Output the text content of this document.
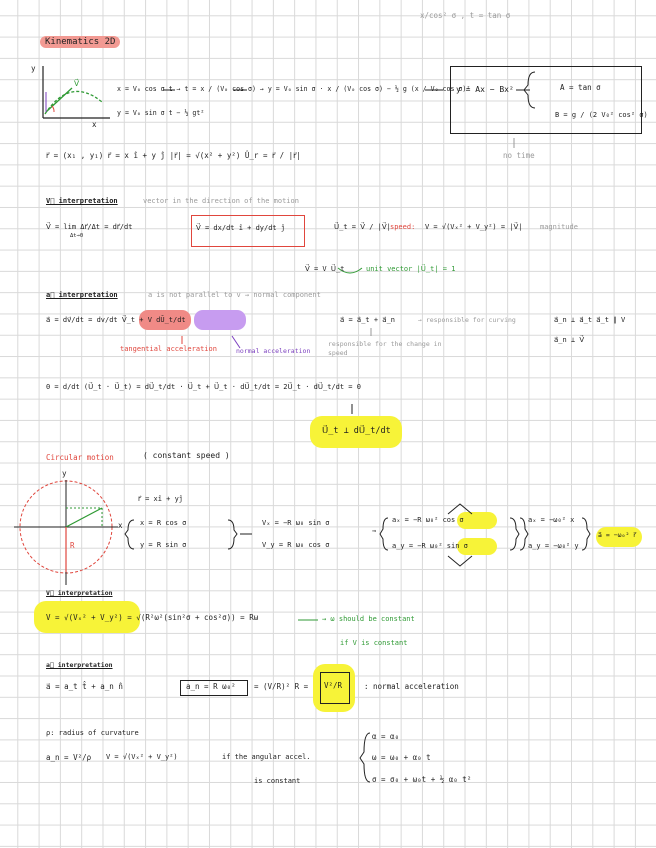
x/cos² σ , t = tan σ
Kinematics 2D
y
x
V⃗
x = V₀ cos σ t → t = x / (V₀ cos σ) → y = V₀ sin σ · x / (V₀ cos σ) − ½ g (x / V₀ cos σ)²
y = V₀ sin σ t − ½ gt²
y = Ax − Bx²	A = tan σ
B = g / (2 V₀² cos² σ)
no time
r⃗ = (x₁ , y₁) r⃗ = x î + y ĵ |r⃗| = √(x² + y²) Û_r = r⃗ / |r⃗|
V⃗ interpretation	vector in the direction of the motion
V⃗ = lim Δr⃗/Δt = dr⃗/dt
Δt→0
V⃗ = dx/dt î + dy/dt ĵ	U⃗_t = V⃗ / |V⃗| speed: V = √(Vₓ² + V_y²) = |V⃗| magnitude
V⃗ = V U⃗_t	unit vector |U⃗_t| = 1
a⃗ interpretation	a is not parallel to v → normal component
a⃗ = dv⃗/dt = dv/dt V⃗_t + V dŨ_t/dt
tangential acceleration	normal acceleration
a⃗ = a⃗_t + a⃗_n	→ responsible for curving
responsible for the change in speed
a⃗_n ⊥ a⃗_t a⃗_t ∥ V
a⃗_n ⊥ V⃗
0 = d/dt (U⃗_t · U⃗_t) = dU⃗_t/dt · U⃗_t + U⃗_t · dU⃗_t/dt = 2U⃗_t · dU⃗_t/dt = 0
U⃗_t ⊥ dU⃗_t/dt
Circular motion	( constant speed )
y
x
R
r⃗ = xî + yĵ
x = R cos σ
y = R sin σ
Vₓ = −R ω₀ sin σ
V_y = R ω₀ cos σ
⇒
aₓ = −R ω₀² cos σ
a_y = −R ω₀² sin σ
aₓ = −ω₀² x
a_y = −ω₀² y
a⃗ = −ω₀² r⃗
V⃗ interpretation
V = √(Vₓ² + V_y²) = √(R²ω²(sin²σ + cos²σ)) = Rω	→ ω should be constant
if V is constant
a⃗ interpretation
a⃗ = a_t t̂ + a_n n̂	a_n = R ω₀² = (V/R)² R = V²/R	: normal acceleration
ρ: radius of curvature
a_n = V²/ρ V = √(Vₓ² + V_y²)	if the angular accel.
is constant
α = α₀
ω = ω₀ + α₀ t
σ = σ₀ + ω₀t + ½ α₀ t²
